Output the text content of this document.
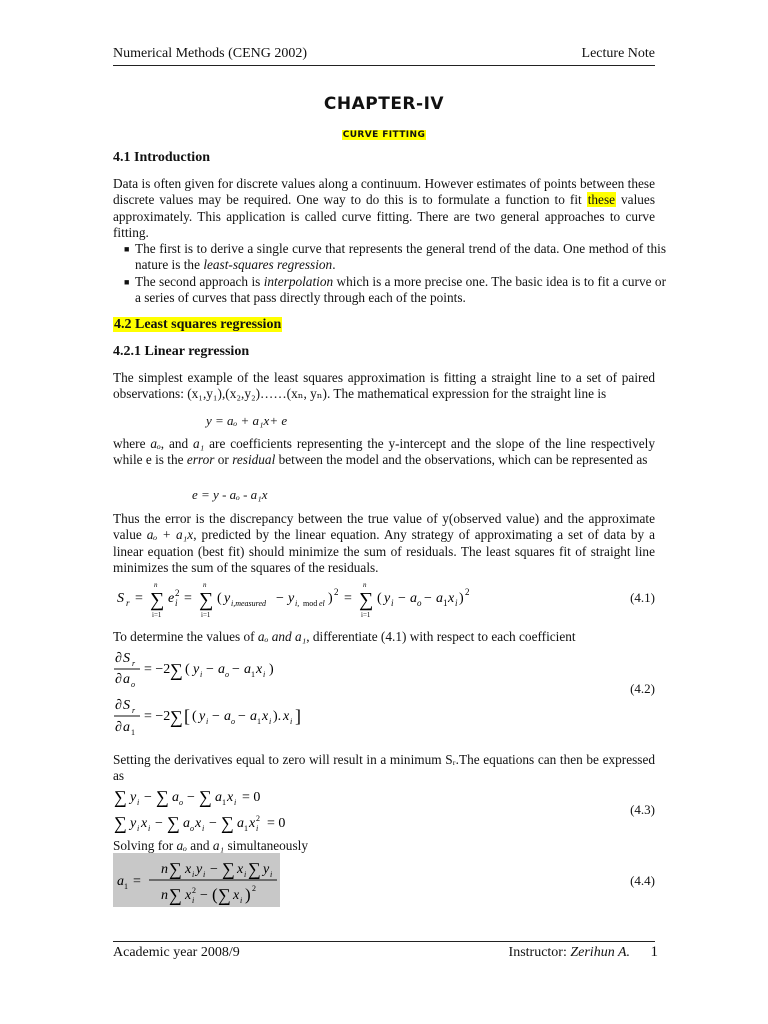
Numerical Methods (CENG 2002)	Lecture Note
CHAPTER-IV
CURVE FITTING
4.1 Introduction
Data is often given for discrete values along a continuum. However estimates of points between these discrete values may be required. One way to do this is to formulate a function to fit these values approximately. This application is called curve fitting. There are two general approaches to curve fitting.
■ The first is to derive a single curve that represents the general trend of the data. One method of this nature is the least-squares regression.
■ The second approach is interpolation which is a more precise one. The basic idea is to fit a curve or a series of curves that pass directly through each of the points.
4.2 Least squares regression
4.2.1 Linear regression
The simplest example of the least squares approximation is fitting a straight line to a set of paired observations: (x₁,y₁),(x₂,y₂)……(xₙ, yₙ). The mathematical expression for the straight line is
y = aₒ + a₁x+ e
where aₒ, and a₁ are coefficients representing the y-intercept and the slope of the line respectively while e is the error or residual between the model and the observations, which can be represented as
e = y - aₒ - a₁x
Thus the error is the discrepancy between the true value of y(observed value) and the approximate value aₒ + a₁x, predicted by the linear equation. Any strategy of approximating a set of data by a linear equation (best fit) should minimize the sum of residuals. The least squares fit of straight line minimizes the sum of the squares of the residuals.
S r = ∑
n
i=1
e i
2 = ∑
n
i=1
( y i,measured − y i, mod el ) 2 = ∑
n
i=1
( y i − a o − a 1 x i ) 2	(4.1)
To determine the values of aₒ and a₁, differentiate (4.1) with respect to each coefficient
∂ S r
∂ a o
= −2 ∑ ( y i − a o − a 1 x i )
∂ S r
∂ a 1
= −2 ∑ [ ( y i − a o − a 1 x i ). x i ]
(4.2)
Setting the derivatives equal to zero will result in a minimum Sᵣ.The equations can then be expressed as
∑ y i − ∑ a o − ∑ a 1 x i = 0
∑ y i x i − ∑ a o x i − ∑ a 1 x i
2 = 0
(4.3)
Solving for aₒ and a₁ simultaneously
a 1 =
n ∑ x i y i − ∑ x i ∑ y i
n ∑ x i
2 − ( ∑ x i ) 2
(4.4)
Academic year 2008/9	Instructor: Zerihun A. 1
